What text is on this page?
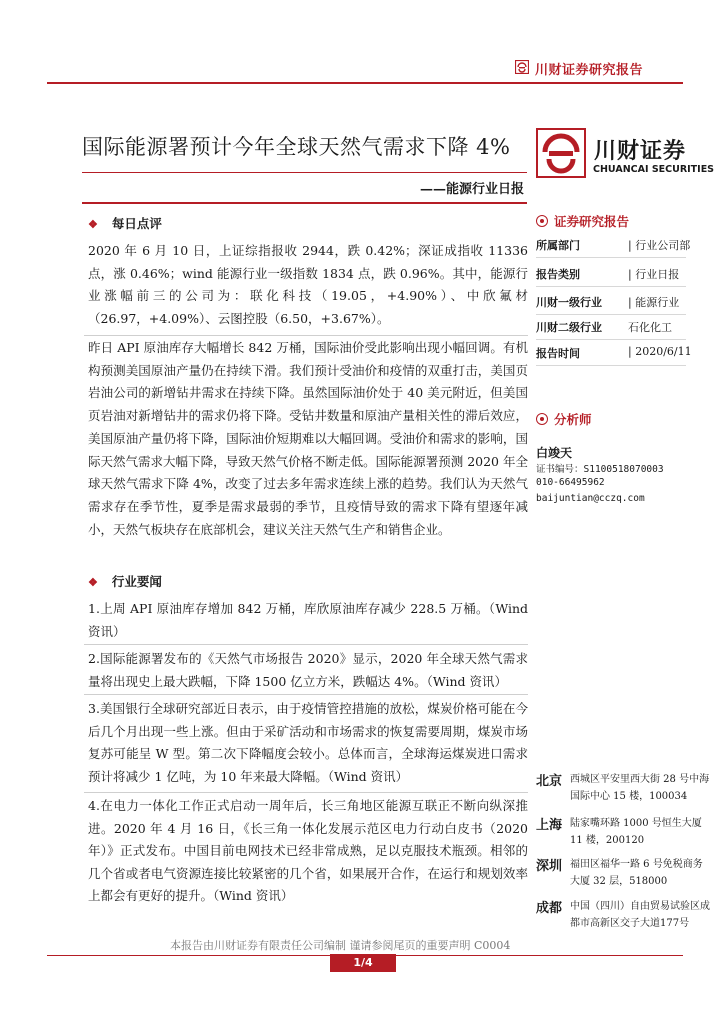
川财证券研究报告
国际能源署预计今年全球天然气需求下降 4%
——能源行业日报
川财证券
CHUANCAI SECURITIES
❖ 每日点评

2020 年 6 月 10 日，上证综指报收 2944，跌 0.42%；深证成指收 11336 点，涨 0.46%；wind 能源行业一级指数 1834 点，跌 0.96%。其中，能源行业涨幅前三的公司为：联化科技（19.05，+4.90%）、中欣氟材（26.97，+4.09%）、云图控股（6.50，+3.67%）。

昨日 API 原油库存大幅增长 842 万桶，国际油价受此影响出现小幅回调。有机构预测美国原油产量仍在持续下滑。我们预计受油价和疫情的双重打击，美国页岩油公司的新增钻井需求在持续下降。虽然国际油价处于 40 美元附近，但美国页岩油对新增钻井的需求仍将下降。受钻井数量和原油产量相关性的滞后效应，美国原油产量仍将下降，国际油价短期难以大幅回调。受油价和需求的影响，国际天然气需求大幅下降，导致天然气价格不断走低。国际能源署预测 2020 年全球天然气需求下降 4%，改变了过去多年需求连续上涨的趋势。我们认为天然气需求存在季节性，夏季是需求最弱的季节，且疫情导致的需求下降有望逐年减小，天然气板块存在底部机会，建议关注天然气生产和销售企业。

❖ 行业要闻

1.上周 API 原油库存增加 842 万桶，库欣原油库存减少 228.5 万桶。（Wind 资讯）

2.国际能源署发布的《天然气市场报告 2020》显示，2020 年全球天然气需求量将出现史上最大跌幅，下降 1500 亿立方米，跌幅达 4%。（Wind 资讯）

3.美国银行全球研究部近日表示，由于疫情管控措施的放松，煤炭价格可能在今后几个月出现一些上涨。但由于采矿活动和市场需求的恢复需要周期，煤炭市场复苏可能呈 W 型。第二次下降幅度会较小。总体而言，全球海运煤炭进口需求预计将减少 1 亿吨，为 10 年来最大降幅。（Wind 资讯）

4.在电力一体化工作正式启动一周年后，长三角地区能源互联正不断向纵深推进。2020 年 4 月 16 日，《长三角一体化发展示范区电力行动白皮书（2020 年）》正式发布。中国目前电网技术已经非常成熟，足以克服技术瓶颈。相邻的几个省或者电气资源连接比较紧密的几个省，如果展开合作，在运行和规划效率上都会有更好的提升。（Wind 资讯）

证券研究报告
所属部门	| 行业公司部
报告类别	| 行业日报
川财一级行业 | 能源行业
川财二级行业 石化化工
报告时间	| 2020/6/11
分析师
白竣天
证书编号：S1100518070003
010-66495962
baijuntian@cczq.com
北京 西城区平安里西大街 28 号中海国际中心 15 楼，100034
上海 陆家嘴环路 1000 号恒生大厦 11 楼，200120
深圳 福田区福华一路 6 号免税商务大厦 32 层，518000
成都 中国（四川）自由贸易试验区成都市高新区交子大道177号
本报告由川财证券有限责任公司编制 谨请参阅尾页的重要声明 C0004
1/4
